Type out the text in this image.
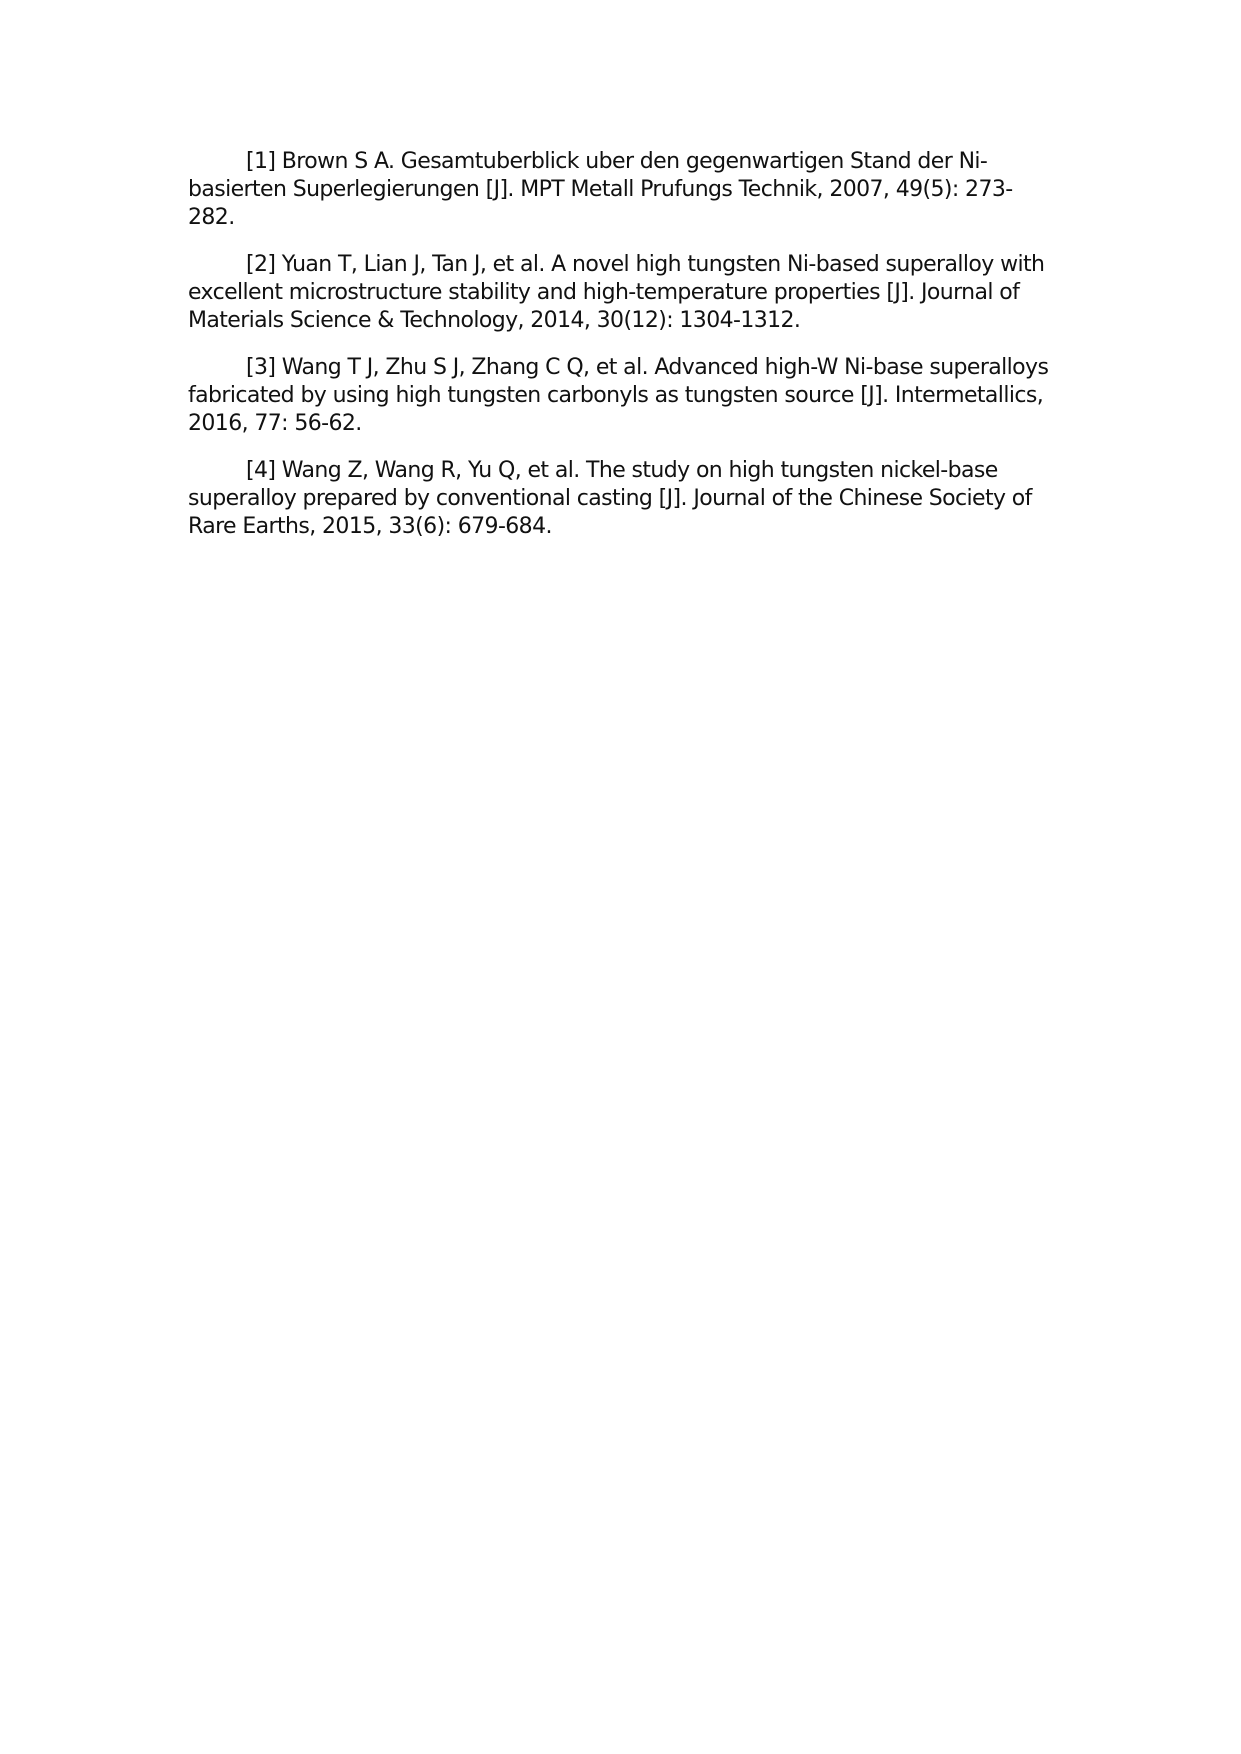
[1] Brown S A. Gesamtuberblick uber den gegenwartigen Stand der Ni-basierten Superlegierungen [J]. MPT Metall Prufungs Technik, 2007, 49(5): 273-282.

[2] Yuan T, Lian J, Tan J, et al. A novel high tungsten Ni-based superalloy with excellent microstructure stability and high-temperature properties [J]. Journal of Materials Science & Technology, 2014, 30(12): 1304-1312.

[3] Wang T J, Zhu S J, Zhang C Q, et al. Advanced high-W Ni-base superalloys fabricated by using high tungsten carbonyls as tungsten source [J]. Intermetallics, 2016, 77: 56-62.

[4] Wang Z, Wang R, Yu Q, et al. The study on high tungsten nickel-base superalloy prepared by conventional casting [J]. Journal of the Chinese Society of Rare Earths, 2015, 33(6): 679-684.
